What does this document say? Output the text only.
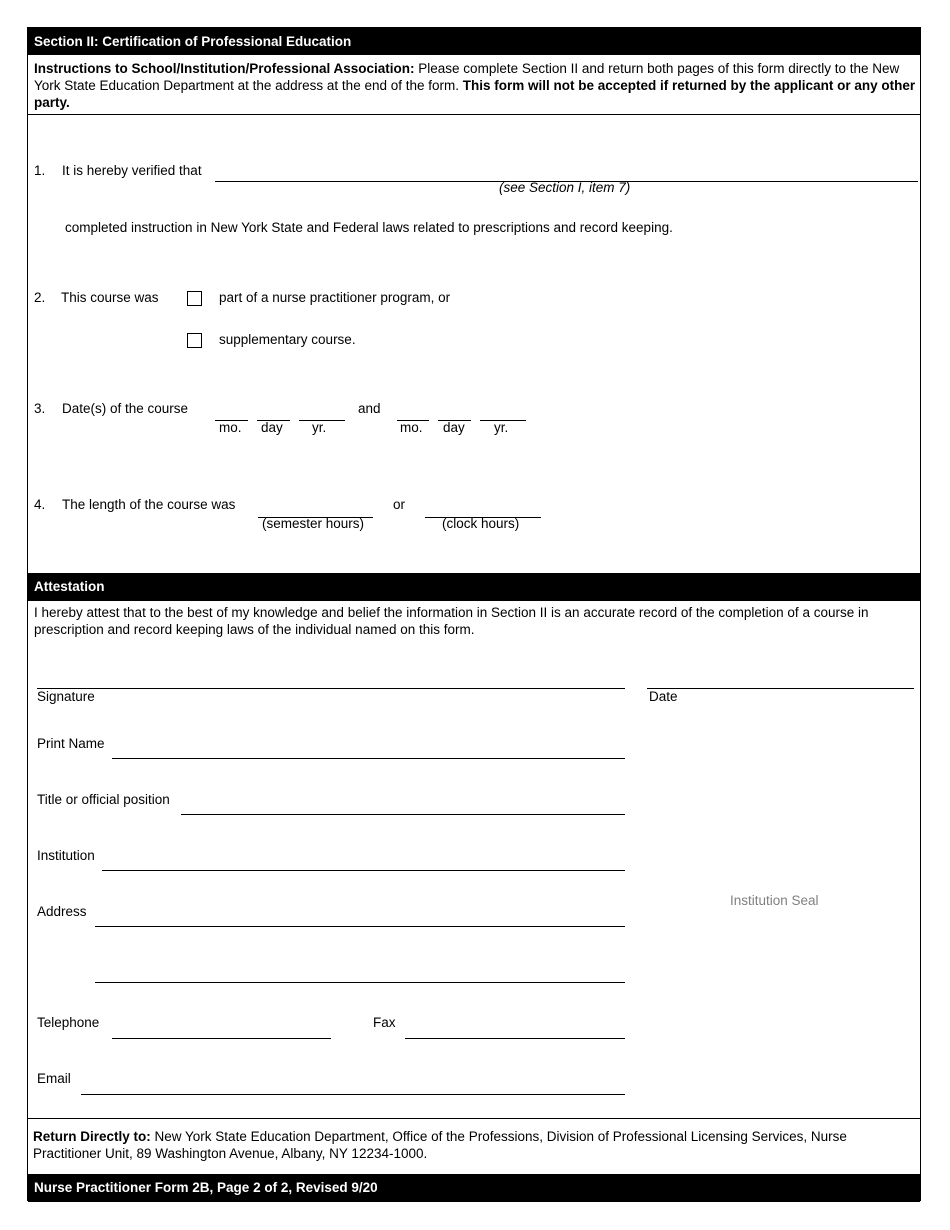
Section II: Certification of Professional Education
Instructions to School/Institution/Professional Association: Please complete Section II and return both pages of this form directly to the New York State Education Department at the address at the end of the form. This form will not be accepted if returned by the applicant or any other party.
1. It is hereby verified that
(see Section I, item 7)
completed instruction in New York State and Federal laws related to prescriptions and record keeping.
2. This course was	part of a nurse practitioner program, or
supplementary course.
3. Date(s) of the course
mo. day yr.
and
mo. day yr.
4. The length of the course was
(semester hours)
or
(clock hours)
Attestation
I hereby attest that to the best of my knowledge and belief the information in Section II is an accurate record of the completion of a course in prescription and record keeping laws of the individual named on this form.
Signature	Date
Print Name
Title or official position
Institution
Address
Institution Seal
Telephone	Fax
Email
Return Directly to: New York State Education Department, Office of the Professions, Division of Professional Licensing Services, Nurse Practitioner Unit, 89 Washington Avenue, Albany, NY 12234-1000.
Nurse Practitioner Form 2B, Page 2 of 2, Revised 9/20
